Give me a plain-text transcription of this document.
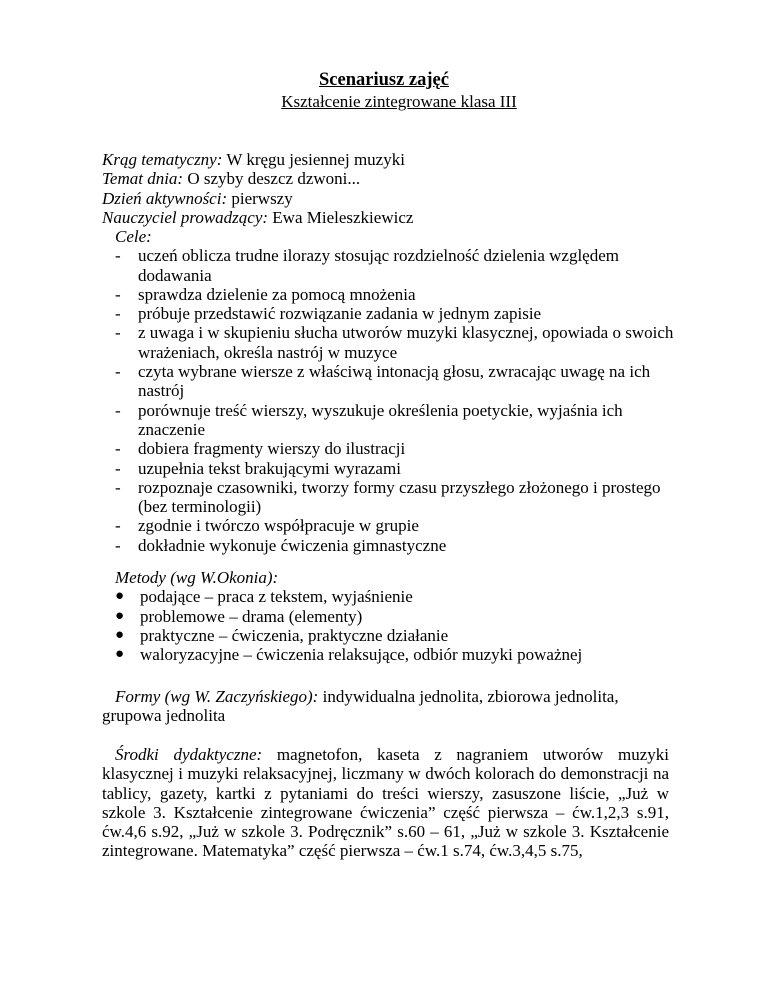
Scenariusz zajęć
Kształcenie zintegrowane klasa III
Krąg tematyczny: W kręgu jesiennej muzyki
Temat dnia: O szyby deszcz dzwoni...
Dzień aktywności: pierwszy
Nauczyciel prowadzący: Ewa Mieleszkiewicz
Cele:
- uczeń oblicza trudne ilorazy stosując rozdzielność dzielenia względem dodawania
- sprawdza dzielenie za pomocą mnożenia
- próbuje przedstawić rozwiązanie zadania w jednym zapisie
- z uwaga i w skupieniu słucha utworów muzyki klasycznej, opowiada o swoich wrażeniach, określa nastrój w muzyce
- czyta wybrane wiersze z właściwą intonacją głosu, zwracając uwagę na ich nastrój
- porównuje treść wierszy, wyszukuje określenia poetyckie, wyjaśnia ich znaczenie
- dobiera fragmenty wierszy do ilustracji
- uzupełnia tekst brakującymi wyrazami
- rozpoznaje czasowniki, tworzy formy czasu przyszłego złożonego i prostego (bez terminologii)
- zgodnie i twórczo współpracuje w grupie
- dokładnie wykonuje ćwiczenia gimnastyczne
Metody (wg W.Okonia):
● podające – praca z tekstem, wyjaśnienie
● problemowe – drama (elementy)
● praktyczne – ćwiczenia, praktyczne działanie
● waloryzacyjne – ćwiczenia relaksujące, odbiór muzyki poważnej
Formy (wg W. Zaczyńskiego): indywidualna jednolita, zbiorowa jednolita, grupowa jednolita
Środki dydaktyczne: magnetofon, kaseta z nagraniem utworów muzyki klasycznej i muzyki relaksacyjnej, liczmany w dwóch kolorach do demonstracji na tablicy, gazety, kartki z pytaniami do treści wierszy, zasuszone liście, „Już w szkole 3. Kształcenie zintegrowane ćwiczenia” część pierwsza – ćw.1,2,3 s.91, ćw.4,6 s.92, „Już w szkole 3. Podręcznik” s.60 – 61, „Już w szkole 3. Kształcenie zintegrowane. Matematyka” część pierwsza – ćw.1 s.74, ćw.3,4,5 s.75,
